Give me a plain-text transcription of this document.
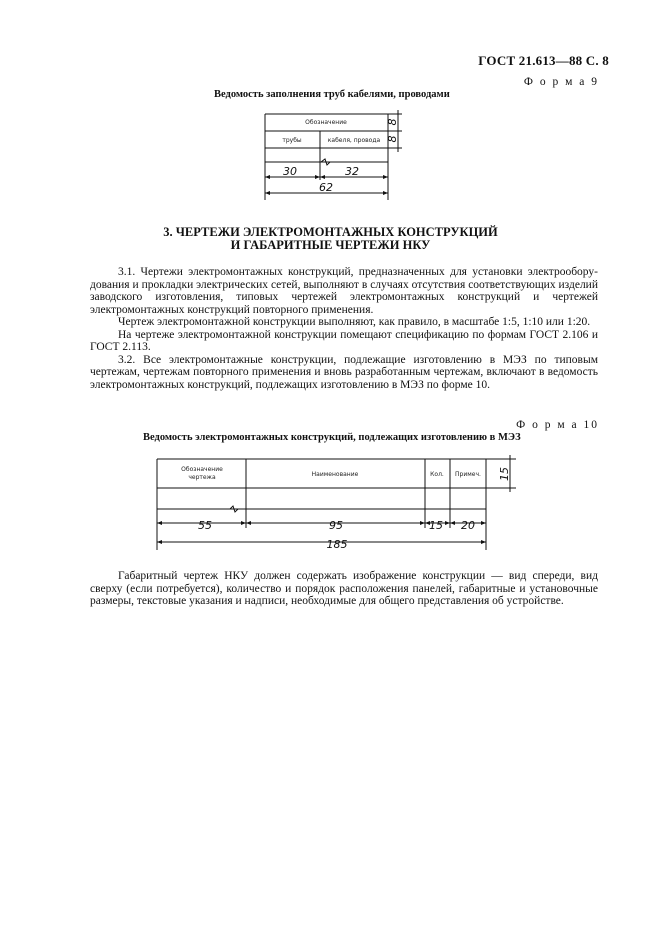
ГОСТ 21.613—88 С. 8
Ф о р м а 9
Ведомость заполнения труб кабелями, проводами
Обозначение
трубы	кабеля, провода
30	32
62
8
8
3. ЧЕРТЕЖИ ЭЛЕКТРОМОНТАЖНЫХ КОНСТРУКЦИЙ
И ГАБАРИТНЫЕ ЧЕРТЕЖИ НКУ

3.1. Чертежи электромонтажных конструкций, предназначенных для установки электрооборудования и прокладки электрических сетей, выполняют в случаях отсутствия соответствующих изделий заводского изготовления, типовых чертежей электромонтажных конструкций и чертежей электромонтажных конструкций повторного применения.

Чертеж электромонтажной конструкции выполняют, как правило, в масштабе 1:5, 1:10 или 1:20.

На чертеже электромонтажной конструкции помещают спецификацию по формам ГОСТ 2.106 и ГОСТ 2.113.

3.2. Все электромонтажные конструкции, подлежащие изготовлению в МЭЗ по типовым чертежам, чертежам повторного применения и вновь разработанным чертежам, включают в ведомость электромонтажных конструкций, подлежащих изготовлению в МЭЗ по форме 10.

Ф о р м а 10
Ведомость электромонтажных конструкций, подлежащих изготовлению в МЭЗ
Обозначение
чертежа	Наименование	Кол. Примеч.
55	95	15 20
185
15

Габаритный чертеж НКУ должен содержать изображение конструкции — вид спереди, вид сверху (если потребуется), количество и порядок расположения панелей, габаритные и установочные размеры, текстовые указания и надписи, необходимые для общего представления об устройстве.
